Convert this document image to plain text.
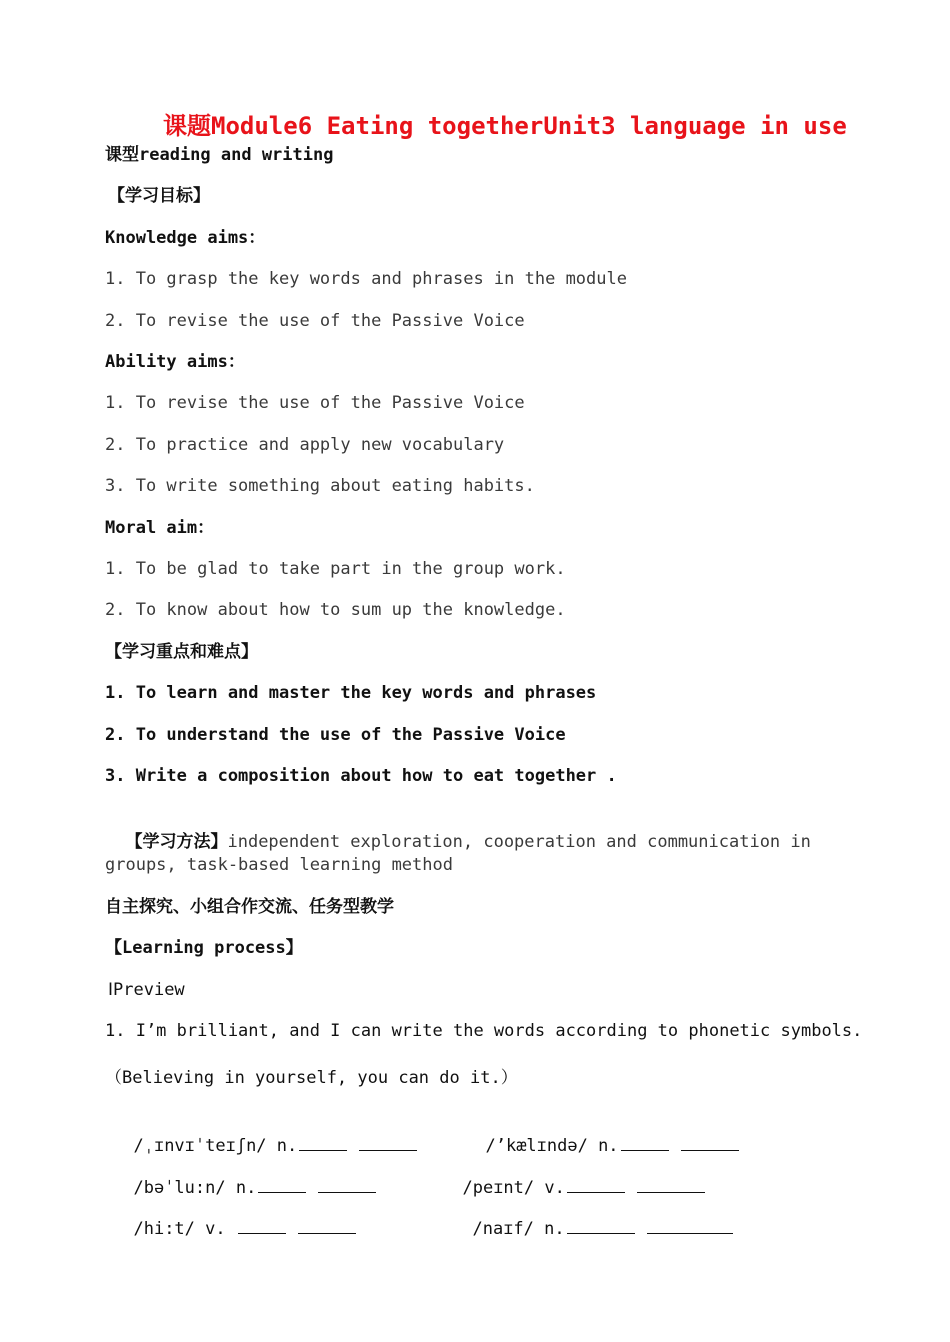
课题Module6 Eating togetherUnit3 language in use
课型reading and writing
【学习目标】
Knowledge aims：
1. To grasp the key words and phrases in the module
2. To revise the use of the Passive Voice
Ability aims：
1. To revise the use of the Passive Voice
2. To practice and apply new vocabulary
3. To write something about eating habits.
Moral aim：
1. To be glad to take part in the group work.
2. To know about how to sum up the knowledge.
【学习重点和难点】
1. To learn and master the key words and phrases
2. To understand the use of the Passive Voice
3. Write a composition about how to eat together .

【学习方法】independent exploration, cooperation and communication in

groups, task-based learning method
自主探究、小组合作交流、任务型教学
【Learning process】
ⅠPreview
1. I’m brilliant, and I can write the words according to phonetic symbols.
（Believing in yourself, you can do it.）

/ˌɪnvɪˈteɪʃn/ n.	/’kælɪndə/ n.

/bəˈlu:n/ n.	/peɪnt/ v.

/hi:t/ v.	/naɪf/ n.
